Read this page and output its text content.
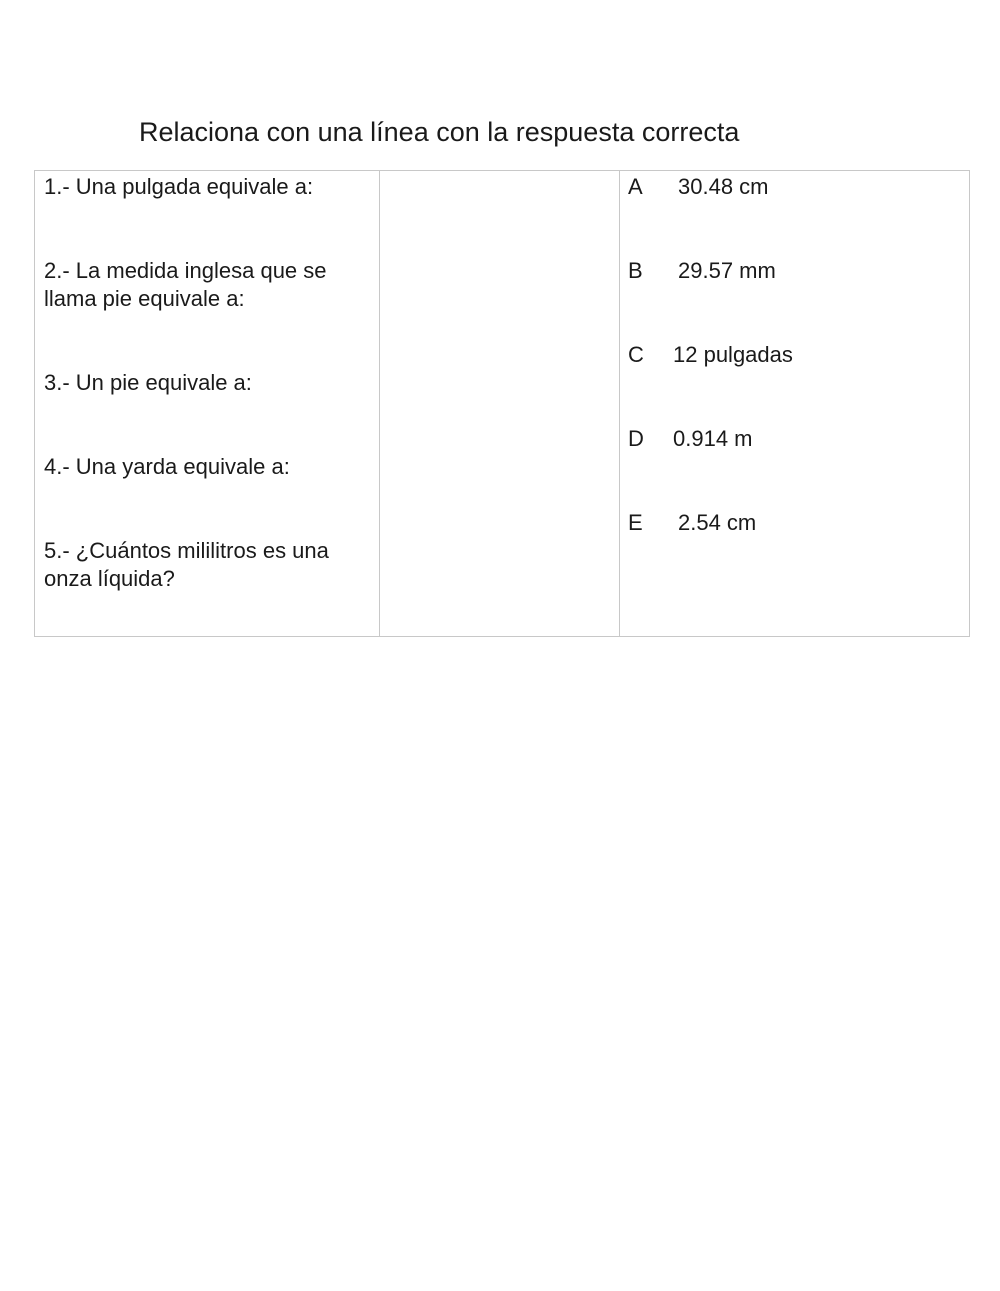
Relaciona con una línea con la respuesta correcta
1.- Una pulgada equivale a:
2.- La medida inglesa que se llama pie equivale a:
3.- Un pie equivale a:
4.- Una yarda equivale a:
5.- ¿Cuántos mililitros es una onza líquida?
A 30.48 cm
B 29.57 mm
C 12 pulgadas
D 0.914 m
E 2.54 cm
